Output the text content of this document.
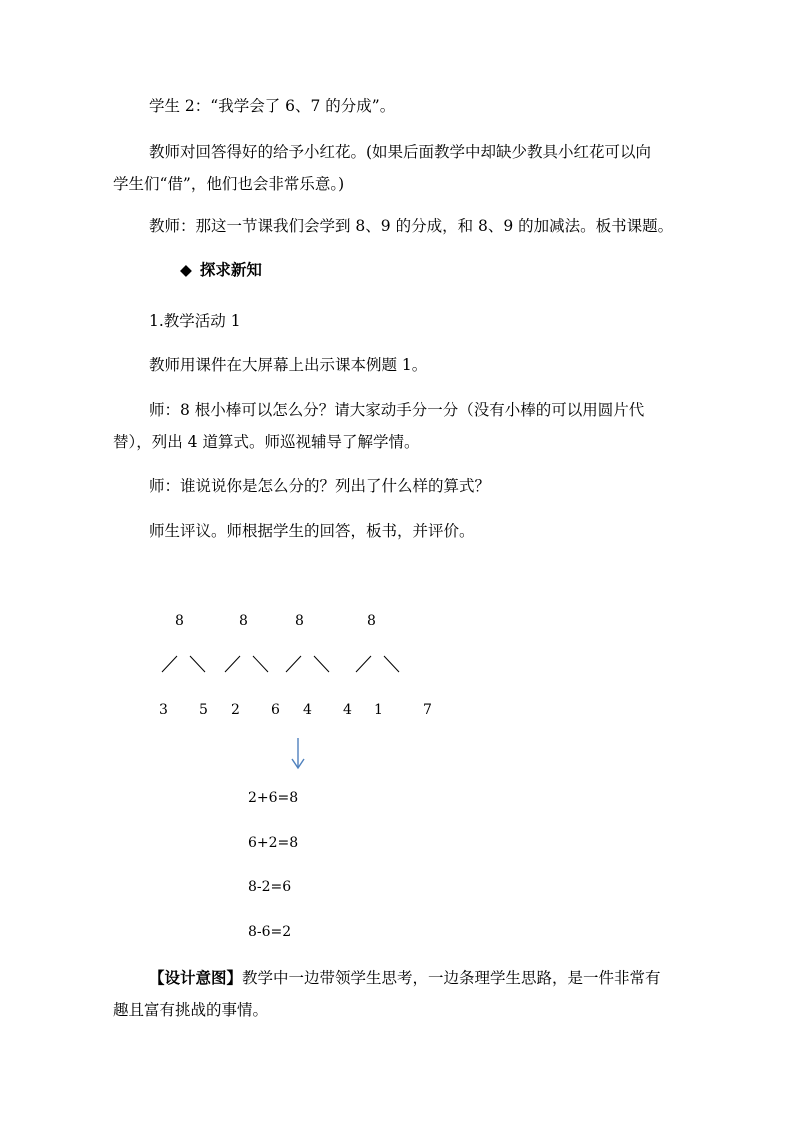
学生 2：“我学会了 6、7 的分成”。
教师对回答得好的给予小红花。(如果后面教学中却缺少教具小红花可以向
学生们“借”，他们也会非常乐意。)
教师：那这一节课我们会学到 8、9 的分成，和 8、9 的加减法。板书课题。
◆ 探求新知
1.教学活动 1
教师用课件在大屏幕上出示课本例题 1。
师：8 根小棒可以怎么分？请大家动手分一分（没有小棒的可以用圆片代
替），列出 4 道算式。师巡视辅导了解学情。
师：谁说说你是怎么分的？列出了什么样的算式？
师生评议。师根据学生的回答，板书，并评价。
8	8	8	8
3 5 2 6 4 4 1	7
2+6=8
6+2=8
8-2=6
8-6=2
【设计意图】教学中一边带领学生思考，一边条理学生思路，是一件非常有
趣且富有挑战的事情。
